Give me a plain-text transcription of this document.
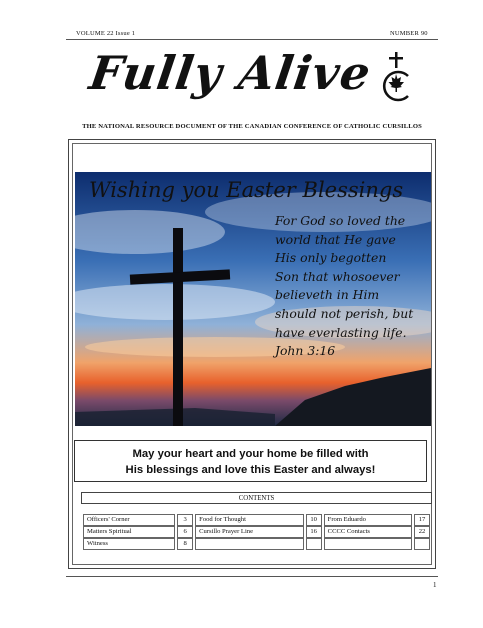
VOLUME 22 Issue 1	NUMBER 90
Fully Alive
THE NATIONAL RESOURCE DOCUMENT OF THE CANADIAN CONFERENCE OF CATHOLIC CURSILLOS
Wishing you Easter Blessings
For God so loved the
world that He gave
His only begotten
Son that whosoever
believeth in Him
should not perish, but
have everlasting life.
John 3:16
May your heart and your home be filled with
His blessings and love this Easter and always!
CONTENTS
Officers' Corner	3	Food for Thought	10	From Eduardo	17
Matters Spiritual	6	Cursillo Prayer Line	16	CCCC Contacts	22
Witness	8				
1
